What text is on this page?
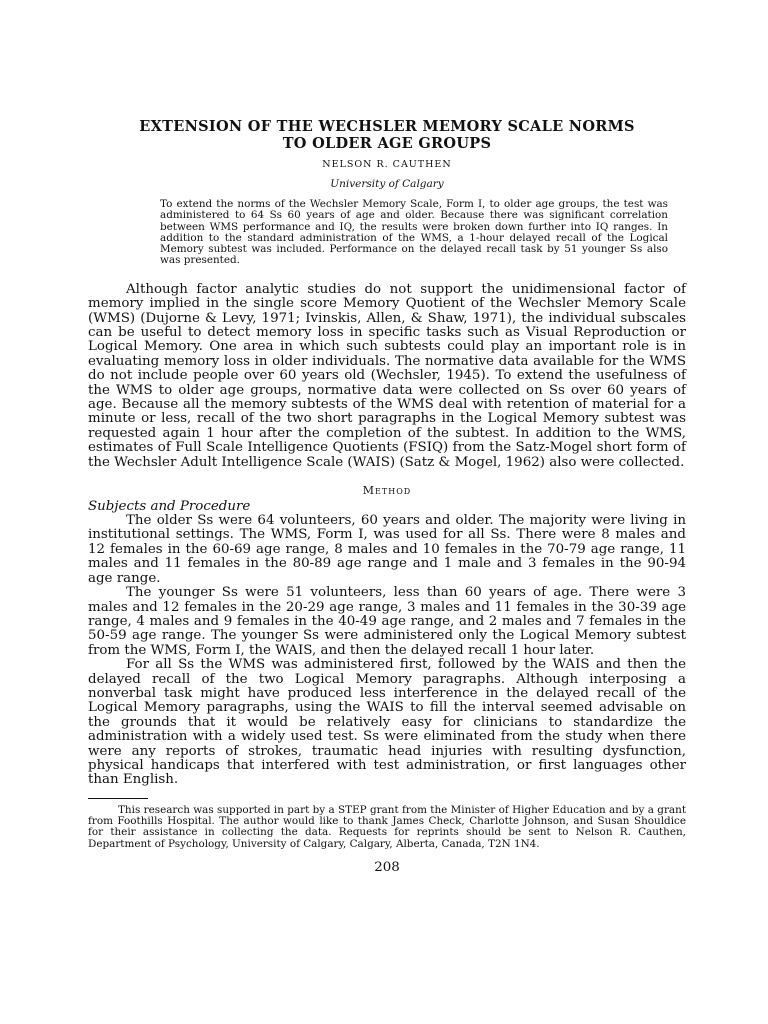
EXTENSION OF THE WECHSLER MEMORY SCALE NORMS
TO OLDER AGE GROUPS
NELSON R. CAUTHEN
University of Calgary

To extend the norms of the Wechsler Memory Scale, Form I, to older age groups, the test was administered to 64 Ss 60 years of age and older. Because there was significant correlation between WMS performance and IQ, the results were broken down further into IQ ranges. In addition to the standard administration of the WMS, a 1-hour delayed recall of the Logical Memory subtest was included. Performance on the delayed recall task by 51 younger Ss also was presented.

Although factor analytic studies do not support the unidimensional factor of memory implied in the single score Memory Quotient of the Wechsler Memory Scale (WMS) (Dujorne & Levy, 1971; Ivinskis, Allen, & Shaw, 1971), the individual subscales can be useful to detect memory loss in specific tasks such as Visual Reproduction or Logical Memory. One area in which such subtests could play an important role is in evaluating memory loss in older individuals. The normative data available for the WMS do not include people over 60 years old (Wechsler, 1945). To extend the usefulness of the WMS to older age groups, normative data were collected on Ss over 60 years of age. Because all the memory subtests of the WMS deal with retention of material for a minute or less, recall of the two short paragraphs in the Logical Memory subtest was requested again 1 hour after the completion of the subtest. In addition to the WMS, estimates of Full Scale Intelligence Quotients (FSIQ) from the Satz-Mogel short form of the Wechsler Adult Intelligence Scale (WAIS) (Satz & Mogel, 1962) also were collected.

Method
Subjects and Procedure

The older Ss were 64 volunteers, 60 years and older. The majority were living in institutional settings. The WMS, Form I, was used for all Ss. There were 8 males and 12 females in the 60-69 age range, 8 males and 10 females in the 70-79 age range, 11 males and 11 females in the 80-89 age range and 1 male and 3 females in the 90-94 age range.

The younger Ss were 51 volunteers, less than 60 years of age. There were 3 males and 12 females in the 20-29 age range, 3 males and 11 females in the 30-39 age range, 4 males and 9 females in the 40-49 age range, and 2 males and 7 females in the 50-59 age range. The younger Ss were administered only the Logical Memory subtest from the WMS, Form I, the WAIS, and then the delayed recall 1 hour later.

For all Ss the WMS was administered first, followed by the WAIS and then the delayed recall of the two Logical Memory paragraphs. Although interposing a nonverbal task might have produced less interference in the delayed recall of the Logical Memory paragraphs, using the WAIS to fill the interval seemed advisable on the grounds that it would be relatively easy for clinicians to standardize the administration with a widely used test. Ss were eliminated from the study when there were any reports of strokes, traumatic head injuries with resulting dysfunction, physical handicaps that interfered with test administration, or first languages other than English.

This research was supported in part by a STEP grant from the Minister of Higher Education and by a grant from Foothills Hospital. The author would like to thank James Check, Charlotte Johnson, and Susan Shouldice for their assistance in collecting the data. Requests for reprints should be sent to Nelson R. Cauthen, Department of Psychology, University of Calgary, Calgary, Alberta, Canada, T2N 1N4.

208
